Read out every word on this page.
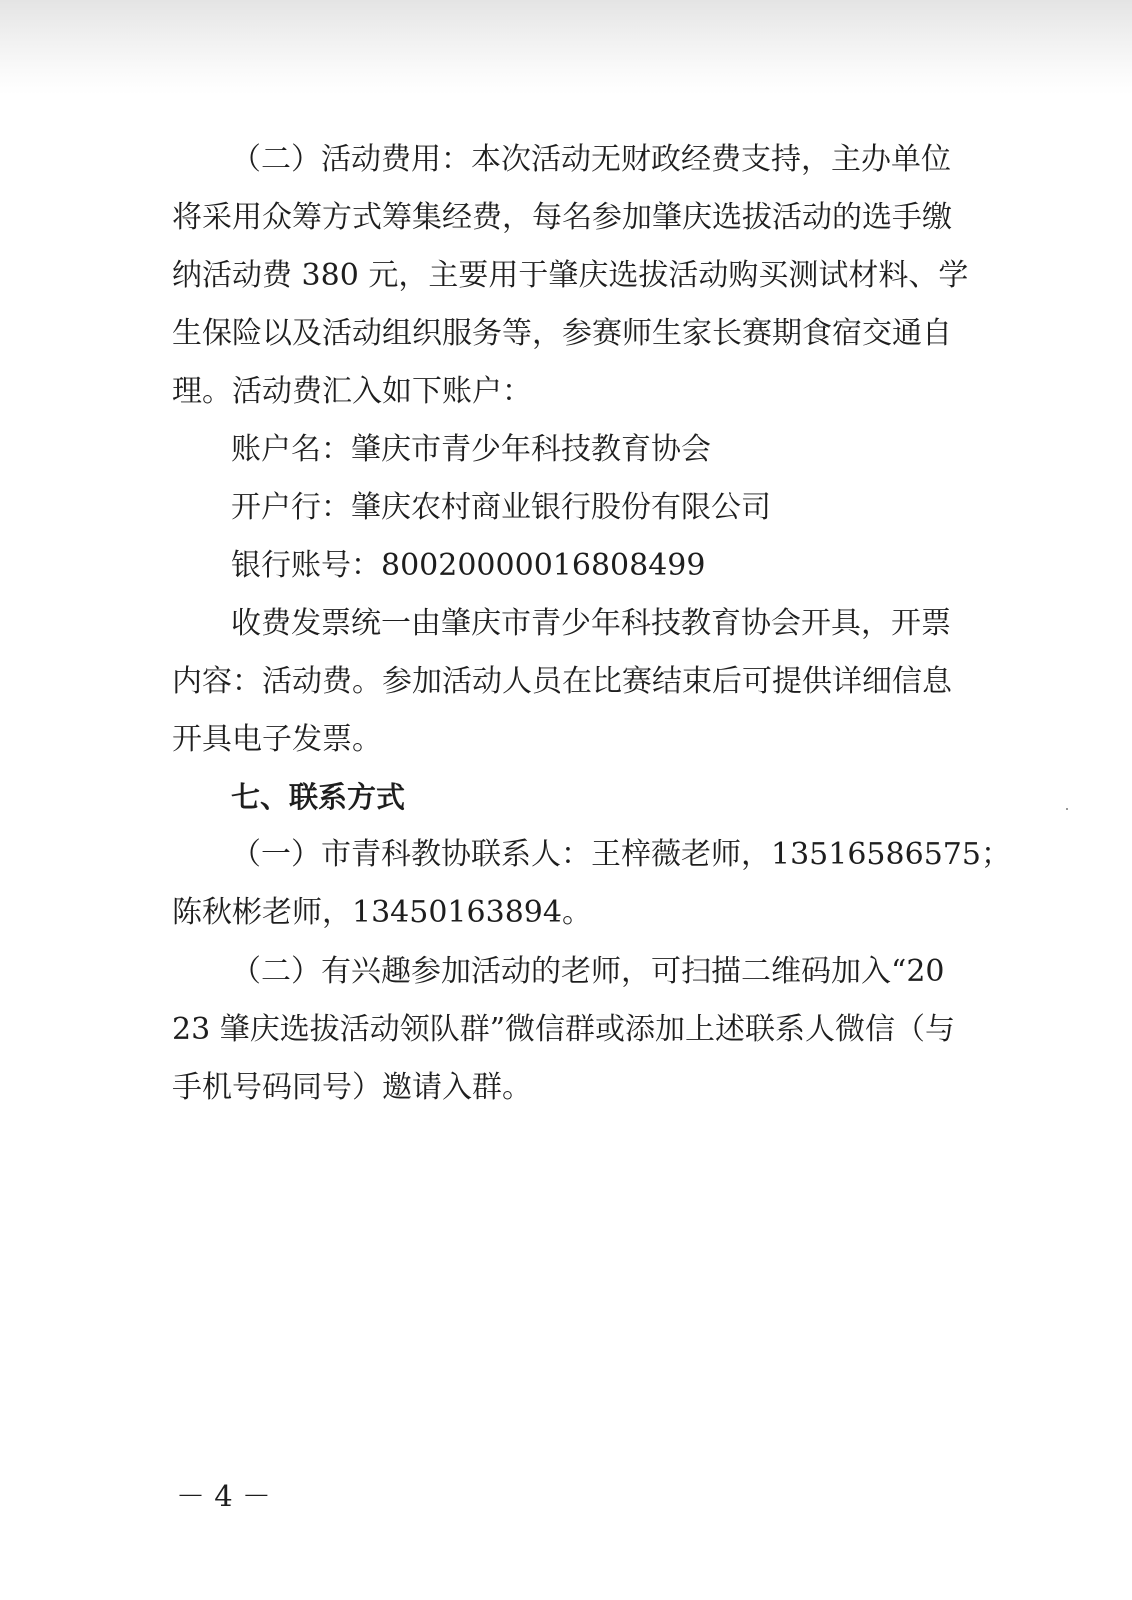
（二）活动费用：本次活动无财政经费支持，主办单位
将采用众筹方式筹集经费，每名参加肇庆选拔活动的选手缴
纳活动费 380 元，主要用于肇庆选拔活动购买测试材料、学
生保险以及活动组织服务等，参赛师生家长赛期食宿交通自
理。活动费汇入如下账户：
账户名：肇庆市青少年科技教育协会
开户行：肇庆农村商业银行股份有限公司
银行账号：80020000016808499
收费发票统一由肇庆市青少年科技教育协会开具，开票
内容：活动费。参加活动人员在比赛结束后可提供详细信息
开具电子发票。
七、联系方式
（一）市青科教协联系人：王梓薇老师，13516586575；
陈秋彬老师，13450163894。
（二）有兴趣参加活动的老师，可扫描二维码加入“20
23 肇庆选拔活动领队群”微信群或添加上述联系人微信（与
手机号码同号）邀请入群。
－ 4 －
